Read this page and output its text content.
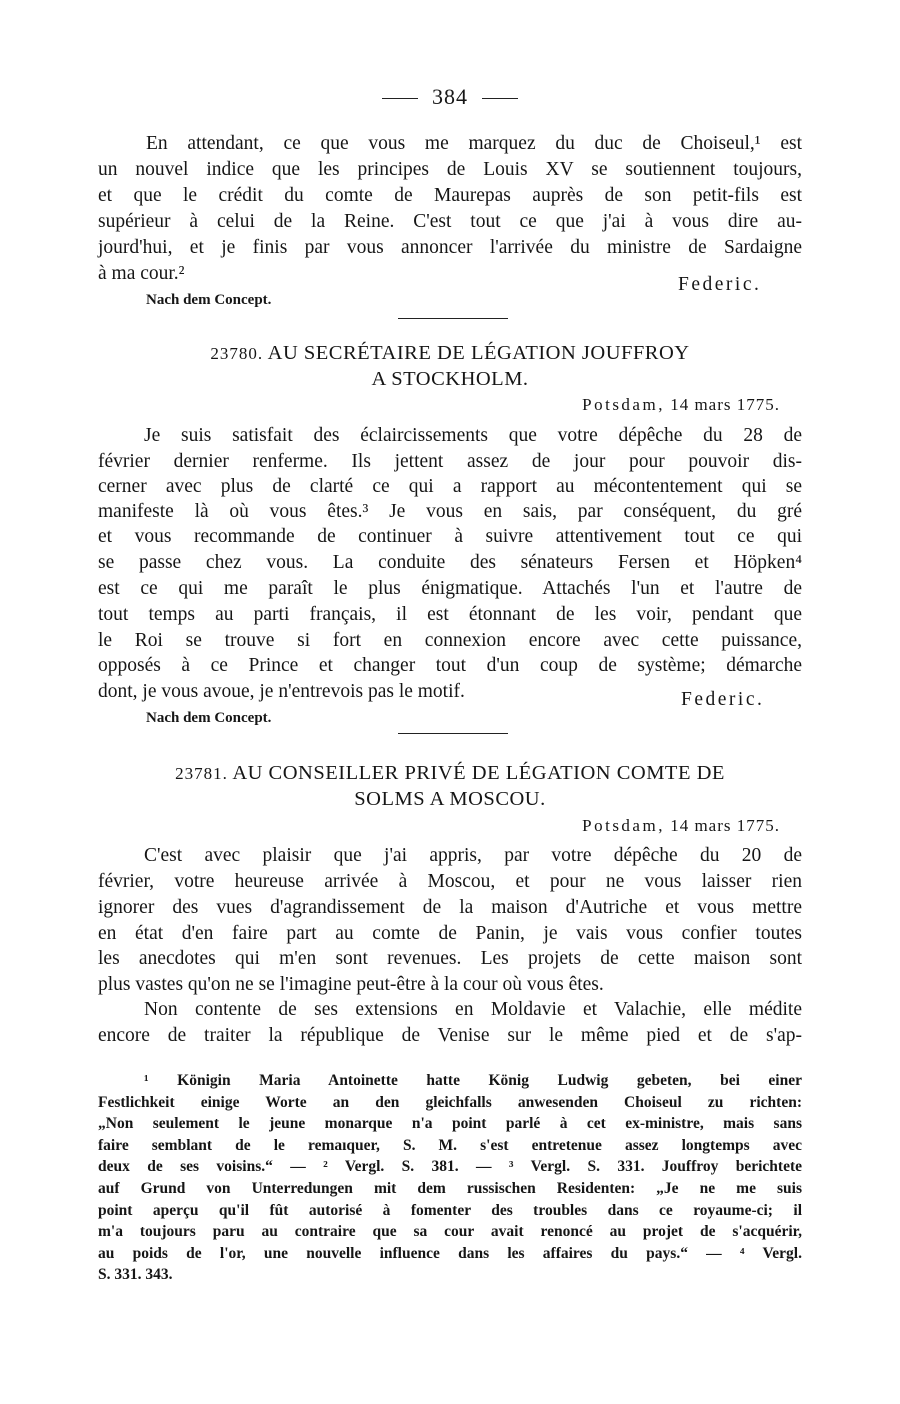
384
En attendant, ce que vous me marquez du duc de Choiseul,¹ est
un nouvel indice que les principes de Louis XV se soutiennent toujours,
et que le crédit du comte de Maurepas auprès de son petit-fils est
supérieur à celui de la Reine. C'est tout ce que j'ai à vous dire au-
jourd'hui, et je finis par vous annoncer l'arrivée du ministre de Sardaigne
à ma cour.²
Federic.
Nach dem Concept.
23780. AU SECRÉTAIRE DE LÉGATION JOUFFROY
A STOCKHOLM.
Potsdam, 14 mars 1775.
Je suis satisfait des éclaircissements que votre dépêche du 28 de
février dernier renferme. Ils jettent assez de jour pour pouvoir dis-
cerner avec plus de clarté ce qui a rapport au mécontentement qui se
manifeste là où vous êtes.³ Je vous en sais, par conséquent, du gré
et vous recommande de continuer à suivre attentivement tout ce qui
se passe chez vous. La conduite des sénateurs Fersen et Höpken⁴
est ce qui me paraît le plus énigmatique. Attachés l'un et l'autre de
tout temps au parti français, il est étonnant de les voir, pendant que
le Roi se trouve si fort en connexion encore avec cette puissance,
opposés à ce Prince et changer tout d'un coup de système; démarche
dont, je vous avoue, je n'entrevois pas le motif.	Federic.
Nach dem Concept.
23781. AU CONSEILLER PRIVÉ DE LÉGATION COMTE DE
SOLMS A MOSCOU.
Potsdam, 14 mars 1775.
C'est avec plaisir que j'ai appris, par votre dépêche du 20 de
février, votre heureuse arrivée à Moscou, et pour ne vous laisser rien
ignorer des vues d'agrandissement de la maison d'Autriche et vous mettre
en état d'en faire part au comte de Panin, je vais vous confier toutes
les anecdotes qui m'en sont revenues. Les projets de cette maison sont
plus vastes qu'on ne se l'imagine peut-être à la cour où vous êtes.
Non contente de ses extensions en Moldavie et Valachie, elle médite
encore de traiter la république de Venise sur le même pied et de s'ap-
¹ Königin Maria Antoinette hatte König Ludwig gebeten, bei einer
Festlichkeit einige Worte an den gleichfalls anwesenden Choiseul zu richten:
„Non seulement le jeune monarque n'a point parlé à cet ex-ministre, mais sans
faire semblant de le remaıquer, S. M. s'est entretenue assez longtemps avec
deux de ses voisins.“ — ² Vergl. S. 381. — ³ Vergl. S. 331. Jouffroy berichtete
auf Grund von Unterredungen mit dem russischen Residenten: „Je ne me suis
point aperçu qu'il fût autorisé à fomenter des troubles dans ce royaume-ci; il
m'a toujours paru au contraire que sa cour avait renoncé au projet de s'acquérir,
au poids de l'or, une nouvelle influence dans les affaires du pays.“ — ⁴ Vergl.
S. 331. 343.
